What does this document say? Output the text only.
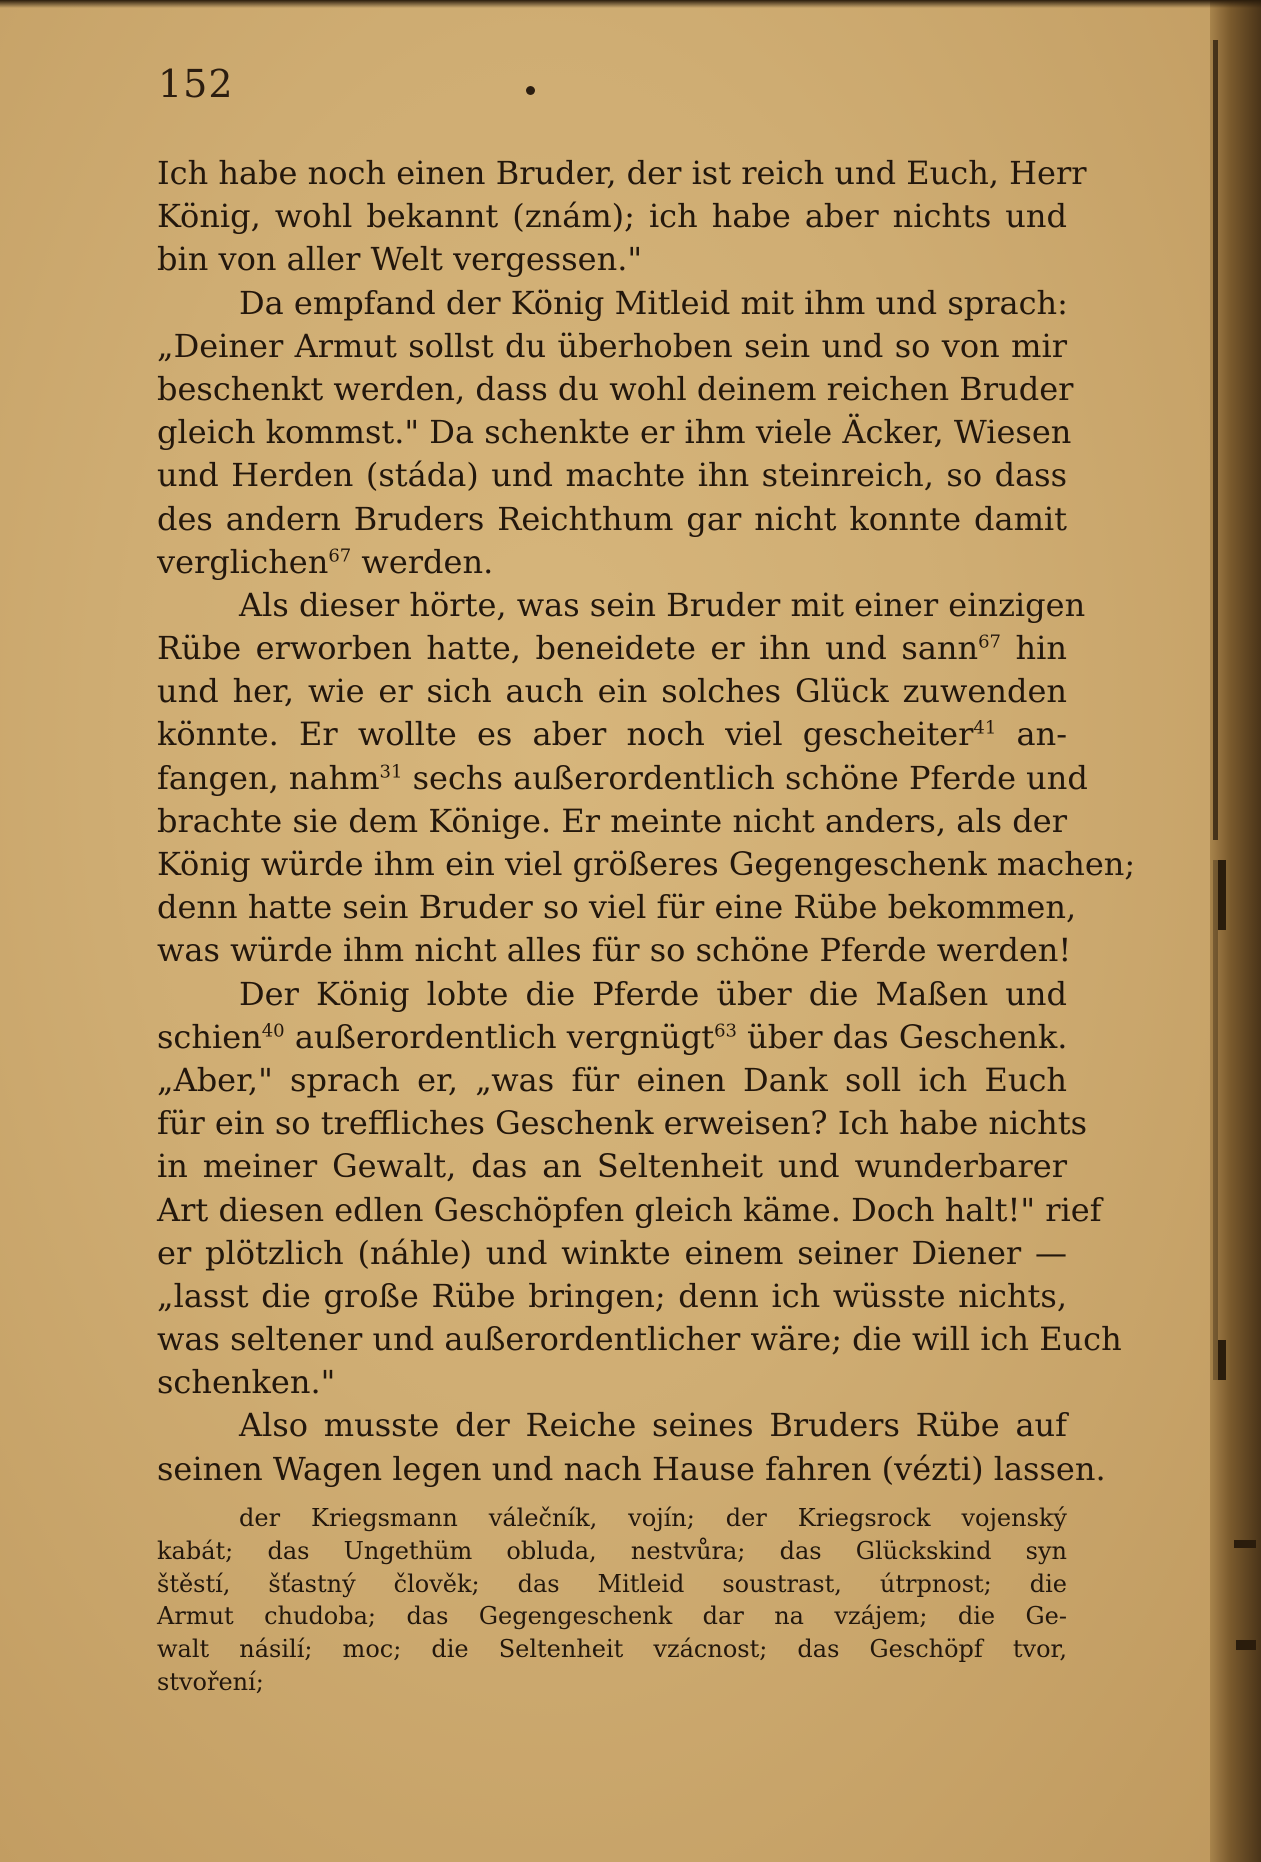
152
Ich habe noch einen Bruder, der ist reich und Euch, Herr
König, wohl bekannt (znám); ich habe aber nichts und
bin von aller Welt vergessen."
Da empfand der König Mitleid mit ihm und sprach:
„Deiner Armut sollst du überhoben sein und so von mir
beschenkt werden, dass du wohl deinem reichen Bruder
gleich kommst." Da schenkte er ihm viele Äcker, Wiesen
und Herden (stáda) und machte ihn steinreich, so dass
des andern Bruders Reichthum gar nicht konnte damit
verglichen$^{67}$ werden.
Als dieser hörte, was sein Bruder mit einer einzigen
Rübe erworben hatte, beneidete er ihn und sann$^{67}$ hin
und her, wie er sich auch ein solches Glück zuwenden
könnte. Er wollte es aber noch viel gescheiter$^{41}$ an-
fangen, nahm$^{31}$ sechs außerordentlich schöne Pferde und
brachte sie dem Könige. Er meinte nicht anders, als der
König würde ihm ein viel größeres Gegengeschenk machen;
denn hatte sein Bruder so viel für eine Rübe bekommen,
was würde ihm nicht alles für so schöne Pferde werden!
Der König lobte die Pferde über die Maßen und
schien$^{40}$ außerordentlich vergnügt$^{63}$ über das Geschenk.
„Aber," sprach er, „was für einen Dank soll ich Euch
für ein so treffliches Geschenk erweisen? Ich habe nichts
in meiner Gewalt, das an Seltenheit und wunderbarer
Art diesen edlen Geschöpfen gleich käme. Doch halt!" rief
er plötzlich (náhle) und winkte einem seiner Diener —
„lasst die große Rübe bringen; denn ich wüsste nichts,
was seltener und außerordentlicher wäre; die will ich Euch
schenken."
Also musste der Reiche seines Bruders Rübe auf
seinen Wagen legen und nach Hause fahren (vézti) lassen.
der Kriegsmann válečník, vojín; der Kriegsrock vojenský
kabát; das Ungethüm obluda, nestvůra; das Glückskind syn
štěstí, šťastný člověk; das Mitleid soustrast, útrpnost; die
Armut chudoba; das Gegengeschenk dar na vzájem; die Ge-
walt násilí; moc; die Seltenheit vzácnost; das Geschöpf tvor,
stvoření;
